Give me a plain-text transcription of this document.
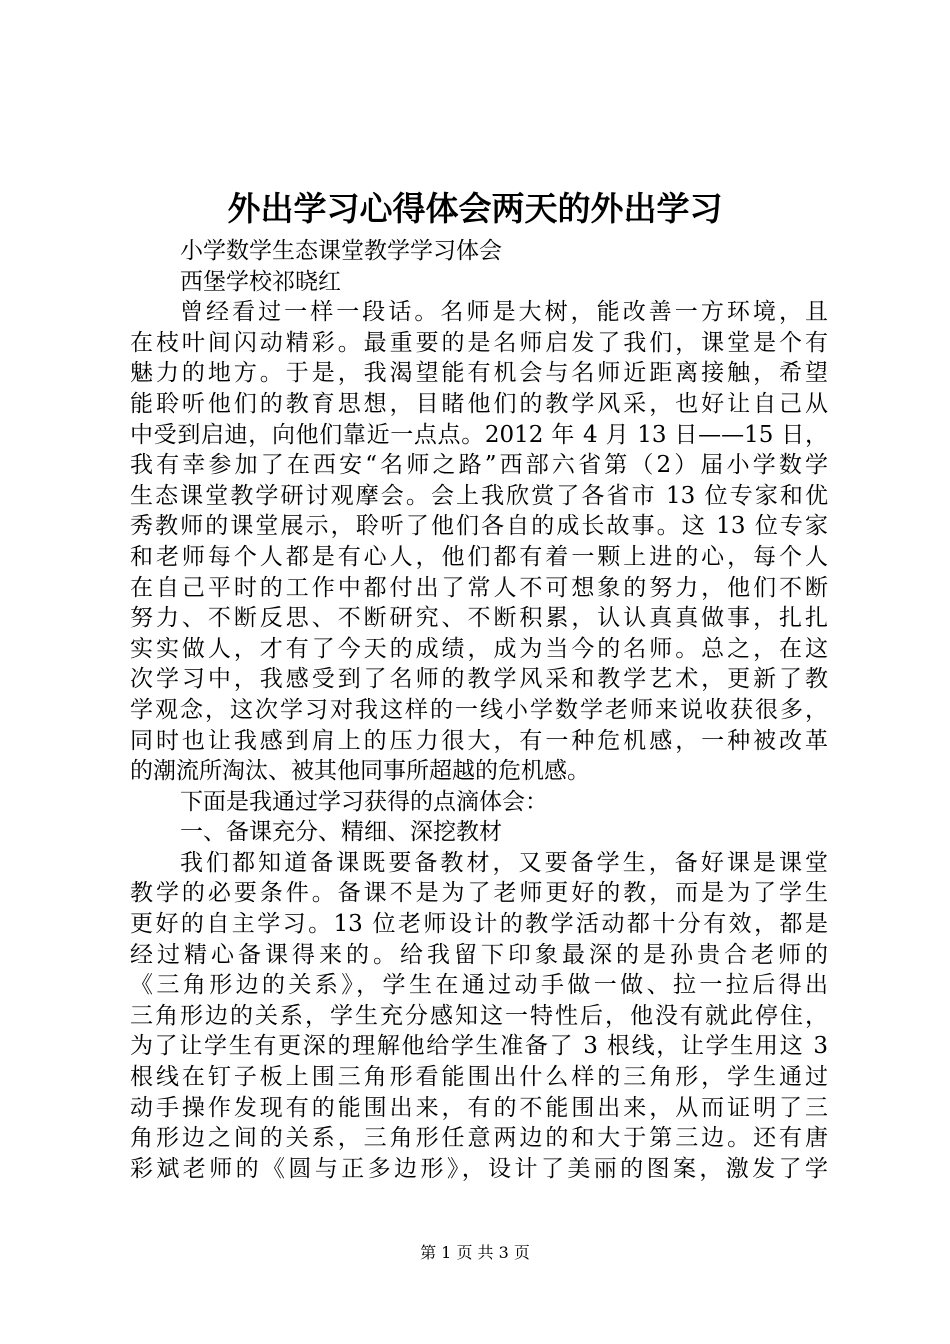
外出学习心得体会两天的外出学习
小学数学生态课堂教学学习体会
西堡学校祁晓红
曾经看过一样一段话。名师是大树，能改善一方环境，且
在枝叶间闪动精彩。最重要的是名师启发了我们，课堂是个有
魅力的地方。于是，我渴望能有机会与名师近距离接触，希望
能聆听他们的教育思想，目睹他们的教学风采，也好让自己从
中受到启迪，向他们靠近一点点。2012 年 4 月 13 日——15 日，
我有幸参加了在西安“名师之路”西部六省第（2）届小学数学
生态课堂教学研讨观摩会。会上我欣赏了各省市 13 位专家和优
秀教师的课堂展示，聆听了他们各自的成长故事。这 13 位专家
和老师每个人都是有心人，他们都有着一颗上进的心，每个人
在自己平时的工作中都付出了常人不可想象的努力，他们不断
努力、不断反思、不断研究、不断积累，认认真真做事，扎扎
实实做人，才有了今天的成绩，成为当今的名师。总之，在这
次学习中，我感受到了名师的教学风采和教学艺术，更新了教
学观念，这次学习对我这样的一线小学数学老师来说收获很多，
同时也让我感到肩上的压力很大，有一种危机感，一种被改革
的潮流所淘汰、被其他同事所超越的危机感。
下面是我通过学习获得的点滴体会：
一、备课充分、精细、深挖教材
我们都知道备课既要备教材，又要备学生，备好课是课堂
教学的必要条件。备课不是为了老师更好的教，而是为了学生
更好的自主学习。13 位老师设计的教学活动都十分有效，都是
经过精心备课得来的。给我留下印象最深的是孙贵合老师的
《三角形边的关系》，学生在通过动手做一做、拉一拉后得出
三角形边的关系，学生充分感知这一特性后，他没有就此停住，
为了让学生有更深的理解他给学生准备了 3 根线，让学生用这 3
根线在钉子板上围三角形看能围出什么样的三角形，学生通过
动手操作发现有的能围出来，有的不能围出来，从而证明了三
角形边之间的关系，三角形任意两边的和大于第三边。还有唐
彩斌老师的《圆与正多边形》，设计了美丽的图案，激发了学
第 1 页 共 3 页
